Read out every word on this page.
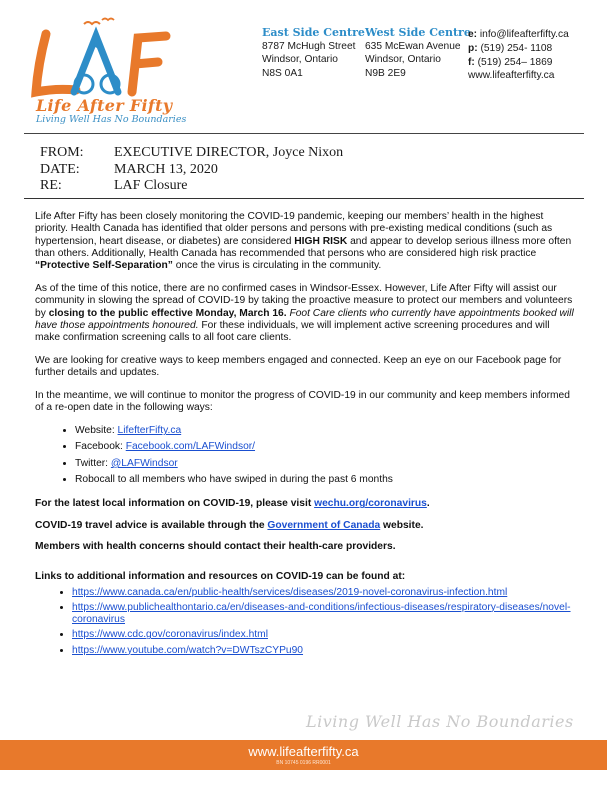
Life After Fifty
Living Well Has No Boundaries
East Side Centre
8787 McHugh Street
Windsor, Ontario
N8S 0A1
West Side Centre
635 McEwan Avenue
Windsor, Ontario
N9B 2E9
e: info@lifeafterfifty.ca
p: (519) 254- 1108
f: (519) 254– 1869
www.lifeafterfifty.ca
FROM:	EXECUTIVE DIRECTOR, Joyce Nixon
DATE:	MARCH 13, 2020
RE:	LAF Closure

Life After Fifty has been closely monitoring the COVID-19 pandemic, keeping our members’ health in the highest priority. Health Canada has identified that older persons and persons with pre-existing medical conditions (such as hypertension, heart disease, or diabetes) are considered HIGH RISK and appear to develop serious illness more often than others. Additionally, Health Canada has recommended that persons who are considered high risk practice “Protective Self-Separation” once the virus is circulating in the community.

As of the time of this notice, there are no confirmed cases in Windsor-Essex. However, Life After Fifty will assist our community in slowing the spread of COVID-19 by taking the proactive measure to protect our members and volunteers by closing to the public effective Monday, March 16. Foot Care clients who currently have appointments booked will have those appointments honoured. For these individuals, we will implement active screening procedures and will make confirmation screening calls to all foot care clients.

We are looking for creative ways to keep members engaged and connected. Keep an eye on our Facebook page for further details and updates.

In the meantime, we will continue to monitor the progress of COVID-19 in our community and keep members informed of a re-open date in the following ways:

• Website: LifefterFifty.ca
• Facebook: Facebook.com/LAFWindsor/
• Twitter: @LAFWindsor
• Robocall to all members who have swiped in during the past 6 months

For the latest local information on COVID-19, please visit wechu.org/coronavirus.

COVID-19 travel advice is available through the Government of Canada website.

Members with health concerns should contact their health-care providers.

Links to additional information and resources on COVID-19 can be found at:
• https://www.canada.ca/en/public-health/services/diseases/2019-novel-coronavirus-infection.html
• https://www.publichealthontario.ca/en/diseases-and-conditions/infectious-diseases/respiratory-diseases/novel-coronavirus
• https://www.cdc.gov/coronavirus/index.html
• https://www.youtube.com/watch?v=DWTszCYPu90
Living Well Has No Boundaries
www.lifeafterfifty.ca
BN 10745 0196 RR0001
